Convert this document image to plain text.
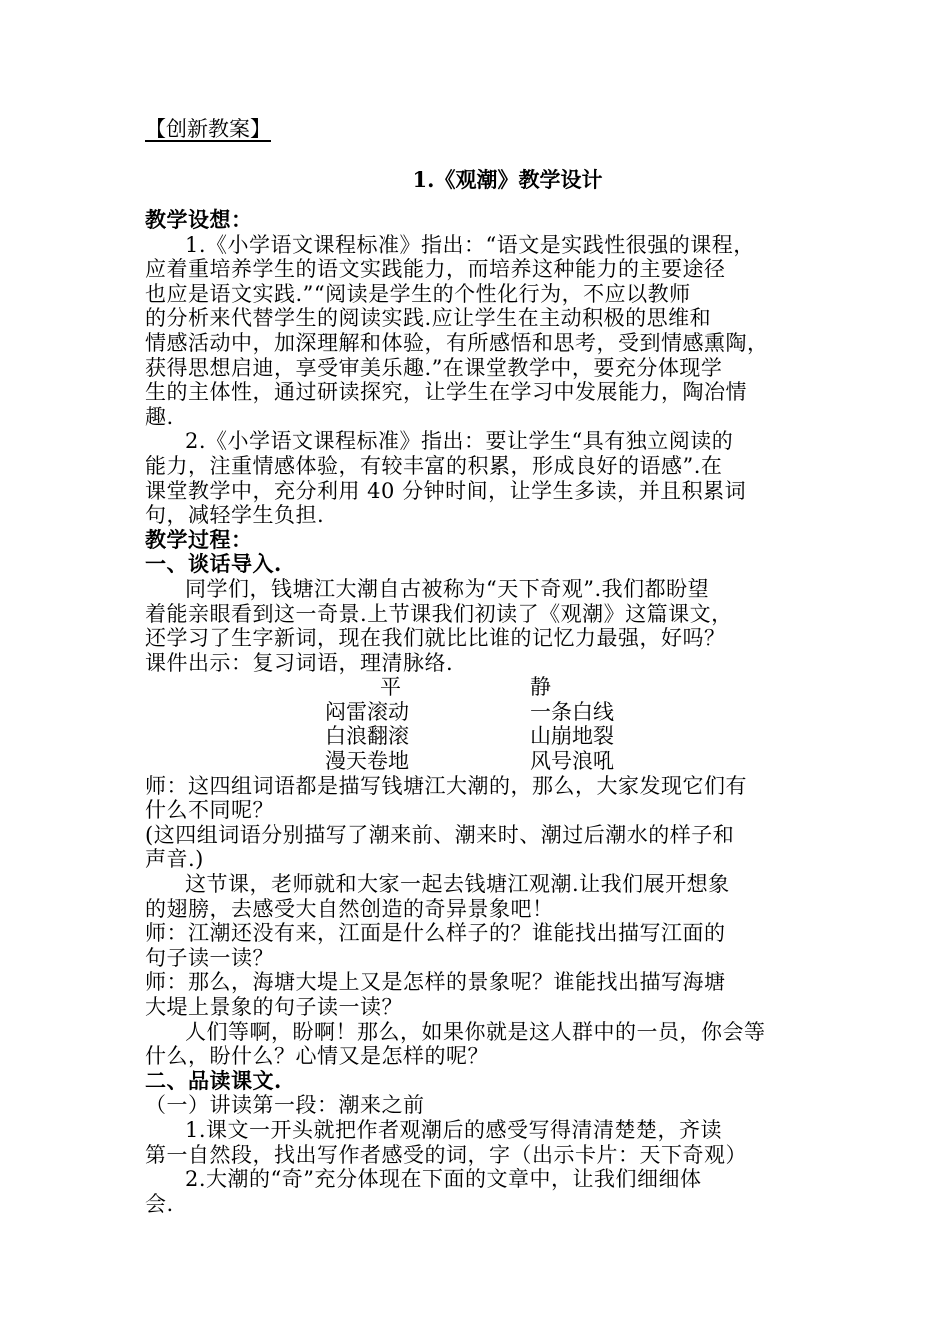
【创新教案】
1.《观潮》教学设计
教学设想：
1.《小学语文课程标准》指出：“语文是实践性很强的课程，
应着重培养学生的语文实践能力，而培养这种能力的主要途径
也应是语文实践.”“阅读是学生的个性化行为，不应以教师
的分析来代替学生的阅读实践.应让学生在主动积极的思维和
情感活动中，加深理解和体验，有所感悟和思考，受到情感熏陶，
获得思想启迪，享受审美乐趣.”在课堂教学中，要充分体现学
生的主体性，通过研读探究，让学生在学习中发展能力，陶冶情
趣.
2.《小学语文课程标准》指出：要让学生“具有独立阅读的
能力，注重情感体验，有较丰富的积累，形成良好的语感”.在
课堂教学中，充分利用 40 分钟时间，让学生多读，并且积累词
句，减轻学生负担.
教学过程：
一、谈话导入.
同学们，钱塘江大潮自古被称为“天下奇观”.我们都盼望
着能亲眼看到这一奇景.上节课我们初读了《观潮》这篇课文，
还学习了生字新词，现在我们就比比谁的记忆力最强，好吗？
课件出示：复习词语，理清脉络.
平	静
闷雷滚动	一条白线
白浪翻滚	山崩地裂
漫天卷地	风号浪吼
师：这四组词语都是描写钱塘江大潮的，那么，大家发现它们有
什么不同呢？
(这四组词语分别描写了潮来前、潮来时、潮过后潮水的样子和
声音.)
这节课，老师就和大家一起去钱塘江观潮.让我们展开想象
的翅膀，去感受大自然创造的奇异景象吧！
师：江潮还没有来，江面是什么样子的？谁能找出描写江面的
句子读一读？
师：那么，海塘大堤上又是怎样的景象呢？谁能找出描写海塘
大堤上景象的句子读一读？
人们等啊，盼啊！那么，如果你就是这人群中的一员，你会等
什么，盼什么？心情又是怎样的呢？
二、品读课文.
（一）讲读第一段：潮来之前
1.课文一开头就把作者观潮后的感受写得清清楚楚，齐读
第一自然段，找出写作者感受的词，字（出示卡片：天下奇观）
2.大潮的“奇”充分体现在下面的文章中，让我们细细体
会.
